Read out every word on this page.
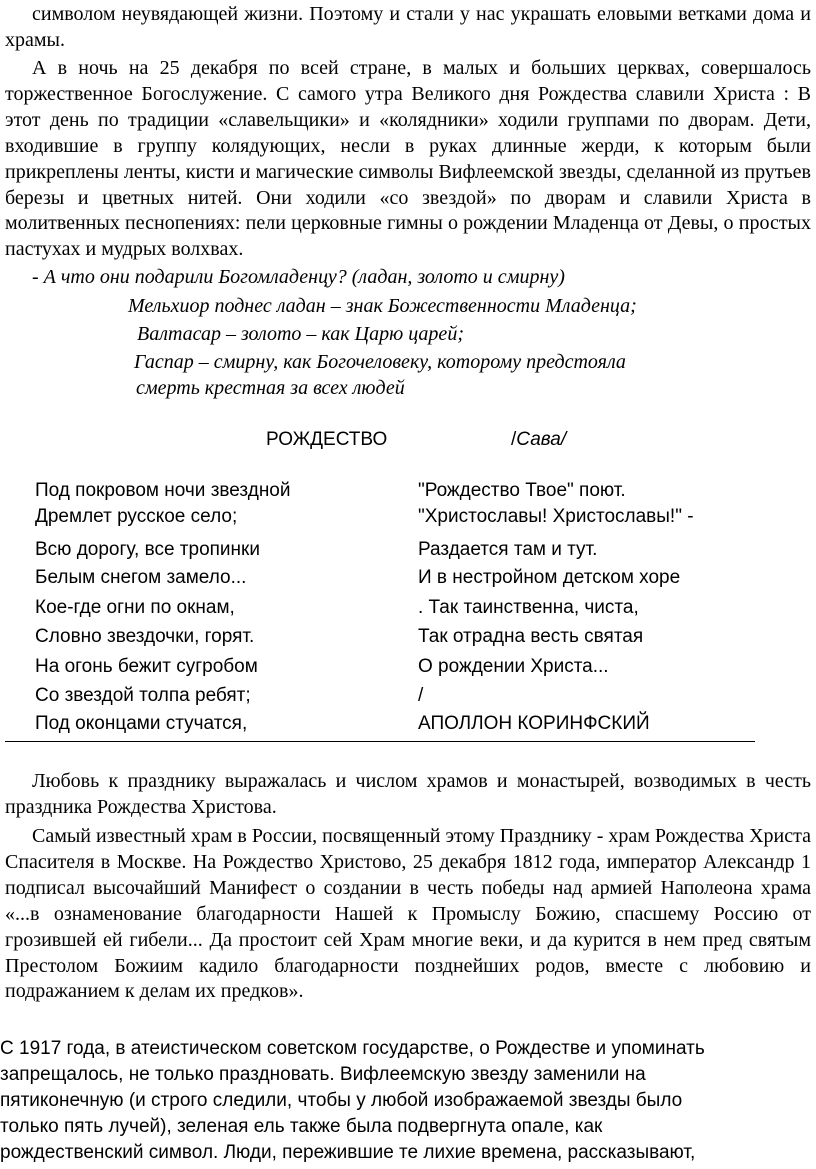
символом неувядающей жизни. Поэтому и стали у нас украшать еловыми ветками дома и храмы.

А в ночь на 25 декабря по всей стране, в малых и больших церквах, совершалось торжественное Богослужение. С самого утра Великого дня Рождества славили Христа : В этот день по традиции «славельщики» и «колядники» ходили группами по дворам. Дети, входившие в группу колядующих, несли в руках длинные жерди, к которым были прикреплены ленты, кисти и магические символы Вифлеемской звезды, сделанной из прутьев березы и цветных нитей. Они ходили «со звездой» по дворам и славили Христа в молитвенных песнопениях: пели церковные гимны о рождении Младенца от Девы, о простых пастухах и мудрых волхвах.

- А что они подарили Богомладенцу? (ладан, золото и смирну)
Мельхиор поднес ладан – знак Божественности Младенца;
Валтасар – золото – как Царю царей;
Гаспар – смирну, как Богочеловеку, которому предстояла
смерть крестная за всех людей
РОЖДЕСТВО	/Сава/
Под покровом ночи звездной
Дремлет русское село;
Всю дорогу, все тропинки
Белым снегом замело...
Кое-где огни по окнам,
Словно звездочки, горят.
На огонь бежит сугробом
Со звездой толпа ребят;
Под оконцами стучатся,
"Рождество Твое" поют.
"Христославы! Христославы!" -
Раздается там и тут.
И в нестройном детском хоре
. Так таинственна, чиста,
Так отрадна весть святая
О рождении Христа...
/
АПОЛЛОН КОРИНФСКИЙ

Любовь к празднику выражалась и числом храмов и монастырей, возводимых в честь праздника Рождества Христова.

Самый известный храм в России, посвященный этому Празднику - храм Рождества Христа Спасителя в Москве. На Рождество Христово, 25 декабря 1812 года, император Александр 1 подписал высочайший Манифест о создании в честь победы над армией Наполеона храма «...в ознаменование благодарности Нашей к Промыслу Божию, спасшему Россию от грозившей ей гибели... Да простоит сей Храм многие веки, и да курится в нем пред святым Престолом Божиим кадило благодарности позднейших родов, вместе с любовию и подражанием к делам их предков».

С 1917 года, в атеистическом советском государстве, о Рождестве и упоминать
запрещалось, не только праздновать. Вифлеемскую звезду заменили на
пятиконечную (и строго следили, чтобы у любой изображаемой звезды было
только пять лучей), зеленая ель также была подвергнута опале, как
рождественский символ. Люди, пережившие те лихие времена, рассказывают,
